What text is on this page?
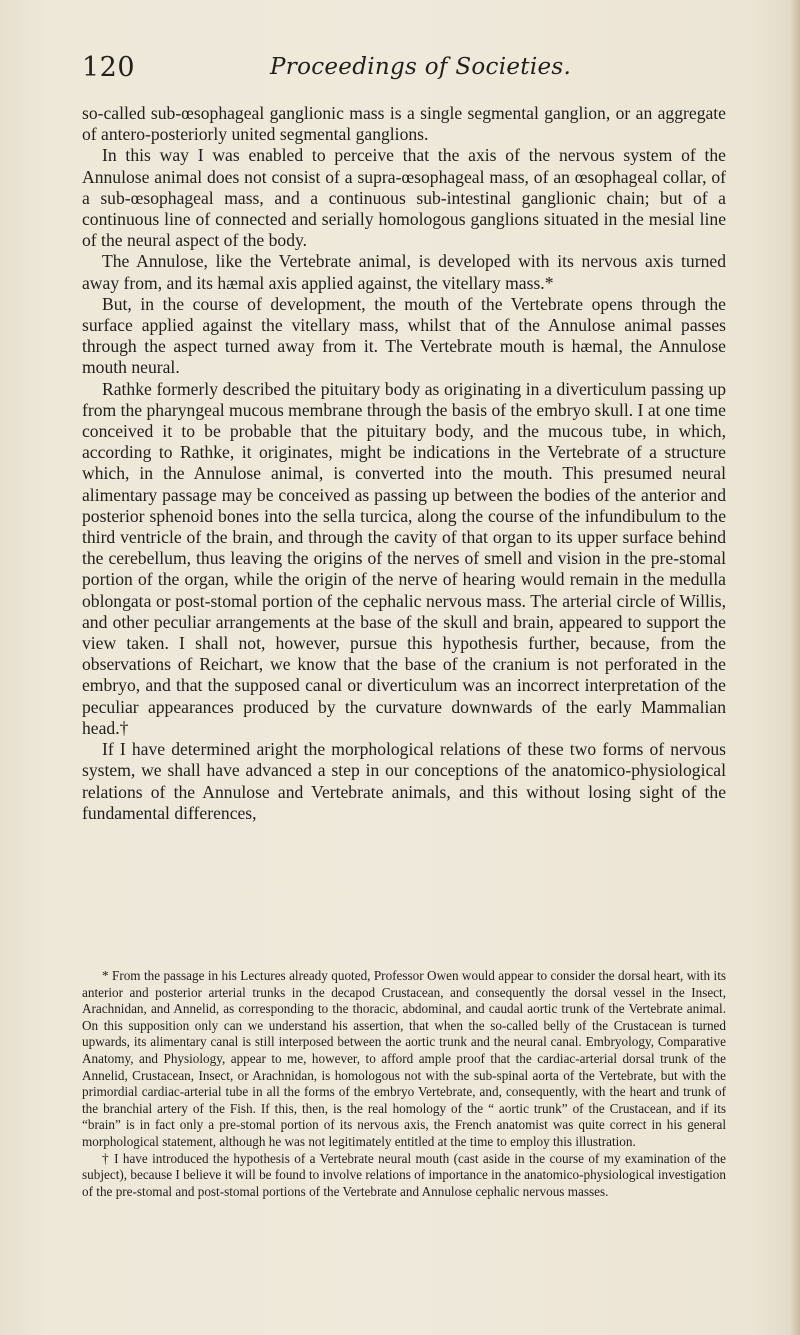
120	Proceedings of Societies.

so-called sub-œsophageal ganglionic mass is a single segmental ganglion, or an aggregate of antero-posteriorly united segmental ganglions.

In this way I was enabled to perceive that the axis of the nervous system of the Annulose animal does not consist of a supra-œsophageal mass, of an œsophageal collar, of a sub-œsophageal mass, and a continuous sub-intestinal ganglionic chain; but of a continuous line of connected and serially homologous ganglions situated in the mesial line of the neural aspect of the body.

The Annulose, like the Vertebrate animal, is developed with its nervous axis turned away from, and its hæmal axis applied against, the vitellary mass.*

But, in the course of development, the mouth of the Vertebrate opens through the surface applied against the vitellary mass, whilst that of the Annulose animal passes through the aspect turned away from it. The Vertebrate mouth is hæmal, the Annulose mouth neural.

Rathke formerly described the pituitary body as originating in a diverticulum passing up from the pharyngeal mucous membrane through the basis of the embryo skull. I at one time conceived it to be probable that the pituitary body, and the mucous tube, in which, according to Rathke, it originates, might be indications in the Vertebrate of a structure which, in the Annulose animal, is converted into the mouth. This presumed neural alimentary passage may be conceived as passing up between the bodies of the anterior and posterior sphenoid bones into the sella turcica, along the course of the infundibulum to the third ventricle of the brain, and through the cavity of that organ to its upper surface behind the cerebellum, thus leaving the origins of the nerves of smell and vision in the pre-stomal portion of the organ, while the origin of the nerve of hearing would remain in the medulla oblongata or post-stomal portion of the cephalic nervous mass. The arterial circle of Willis, and other peculiar arrangements at the base of the skull and brain, appeared to support the view taken. I shall not, however, pursue this hypothesis further, because, from the observations of Reichart, we know that the base of the cranium is not perforated in the embryo, and that the supposed canal or diverticulum was an incorrect interpretation of the peculiar appearances produced by the curvature downwards of the early Mammalian head.†

If I have determined aright the morphological relations of these two forms of nervous system, we shall have advanced a step in our conceptions of the anatomico-physiological relations of the Annulose and Vertebrate animals, and this without losing sight of the fundamental differences,

* From the passage in his Lectures already quoted, Professor Owen would appear to consider the dorsal heart, with its anterior and posterior arterial trunks in the decapod Crustacean, and consequently the dorsal vessel in the Insect, Arachnidan, and Annelid, as corresponding to the thoracic, abdominal, and caudal aortic trunk of the Vertebrate animal. On this supposition only can we understand his assertion, that when the so-called belly of the Crustacean is turned upwards, its alimentary canal is still interposed between the aortic trunk and the neural canal. Embryology, Comparative Anatomy, and Physiology, appear to me, however, to afford ample proof that the cardiac-arterial dorsal trunk of the Annelid, Crustacean, Insect, or Arachnidan, is homologous not with the sub-spinal aorta of the Vertebrate, but with the primordial cardiac-arterial tube in all the forms of the embryo Vertebrate, and, consequently, with the heart and trunk of the branchial artery of the Fish. If this, then, is the real homology of the “ aortic trunk” of the Crustacean, and if its “brain” is in fact only a pre-stomal portion of its nervous axis, the French anatomist was quite correct in his general morphological statement, although he was not legitimately entitled at the time to employ this illustration.

† I have introduced the hypothesis of a Vertebrate neural mouth (cast aside in the course of my examination of the subject), because I believe it will be found to involve relations of importance in the anatomico-physiological investigation of the pre-stomal and post-stomal portions of the Vertebrate and Annulose cephalic nervous masses.
